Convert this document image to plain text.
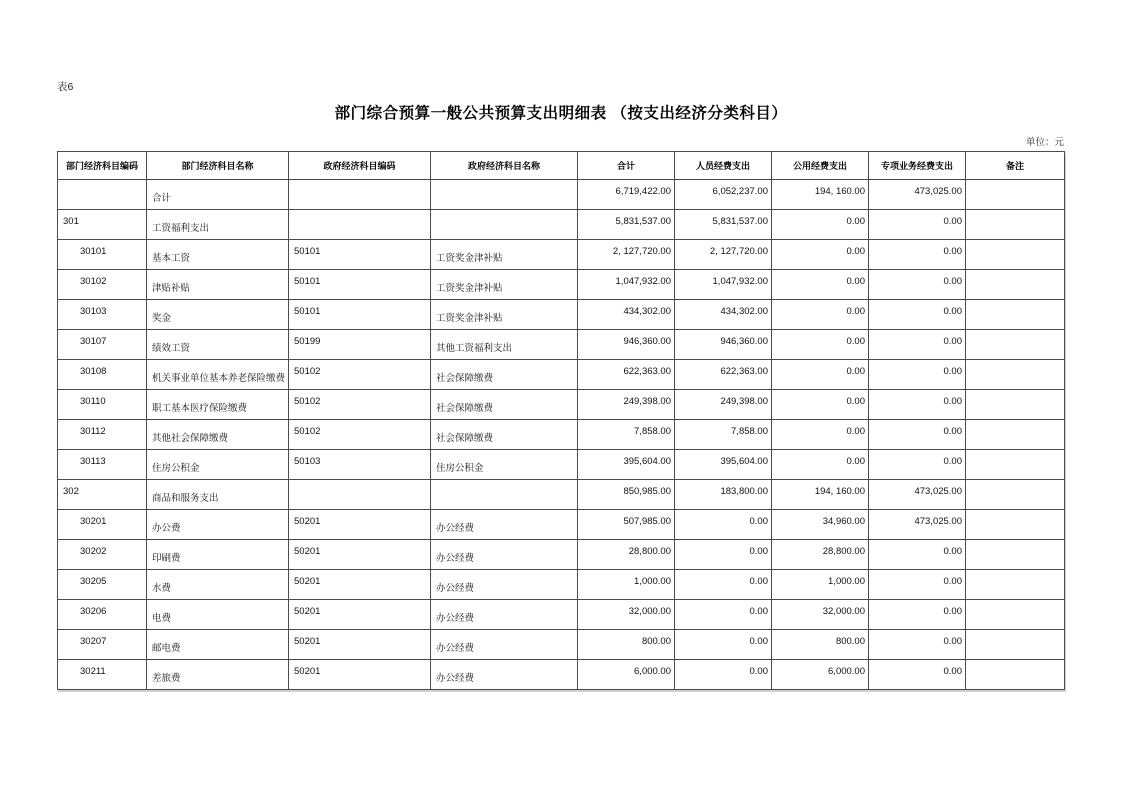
表6
部门综合预算一般公共预算支出明细表 （按支出经济分类科目）
单位：元
部门经济科目编码	部门经济科目名称	政府经济科目编码	政府经济科目名称	合计	人员经费支出	公用经费支出	专项业务经费支出	备注
	合计			6,719,422.00	6,052,237.00	194, 160.00	473,025.00	
301	工资福利支出			5,831,537.00	5,831,537.00	0.00	0.00	
30101	基本工资	50101	工资奖金津补贴	2, 127,720.00	2, 127,720.00	0.00	0.00	
30102	津贴补贴	50101	工资奖金津补贴	1,047,932.00	1,047,932.00	0.00	0.00	
30103	奖金	50101	工资奖金津补贴	434,302.00	434,302.00	0.00	0.00	
30107	绩效工资	50199	其他工资福利支出	946,360.00	946,360.00	0.00	0.00	
30108	机关事业单位基本养老保险缴费	50102	社会保障缴费	622,363.00	622,363.00	0.00	0.00	
30110	职工基本医疗保险缴费	50102	社会保障缴费	249,398.00	249,398.00	0.00	0.00	
30112	其他社会保障缴费	50102	社会保障缴费	7,858.00	7,858.00	0.00	0.00	
30113	住房公积金	50103	住房公积金	395,604.00	395,604.00	0.00	0.00	
302	商品和服务支出			850,985.00	183,800.00	194, 160.00	473,025.00	
30201	办公费	50201	办公经费	507,985.00	0.00	34,960.00	473,025.00	
30202	印刷费	50201	办公经费	28,800.00	0.00	28,800.00	0.00	
30205	水费	50201	办公经费	1,000.00	0.00	1,000.00	0.00	
30206	电费	50201	办公经费	32,000.00	0.00	32,000.00	0.00	
30207	邮电费	50201	办公经费	800.00	0.00	800.00	0.00	
30211	差旅费	50201	办公经费	6,000.00	0.00	6,000.00	0.00	
